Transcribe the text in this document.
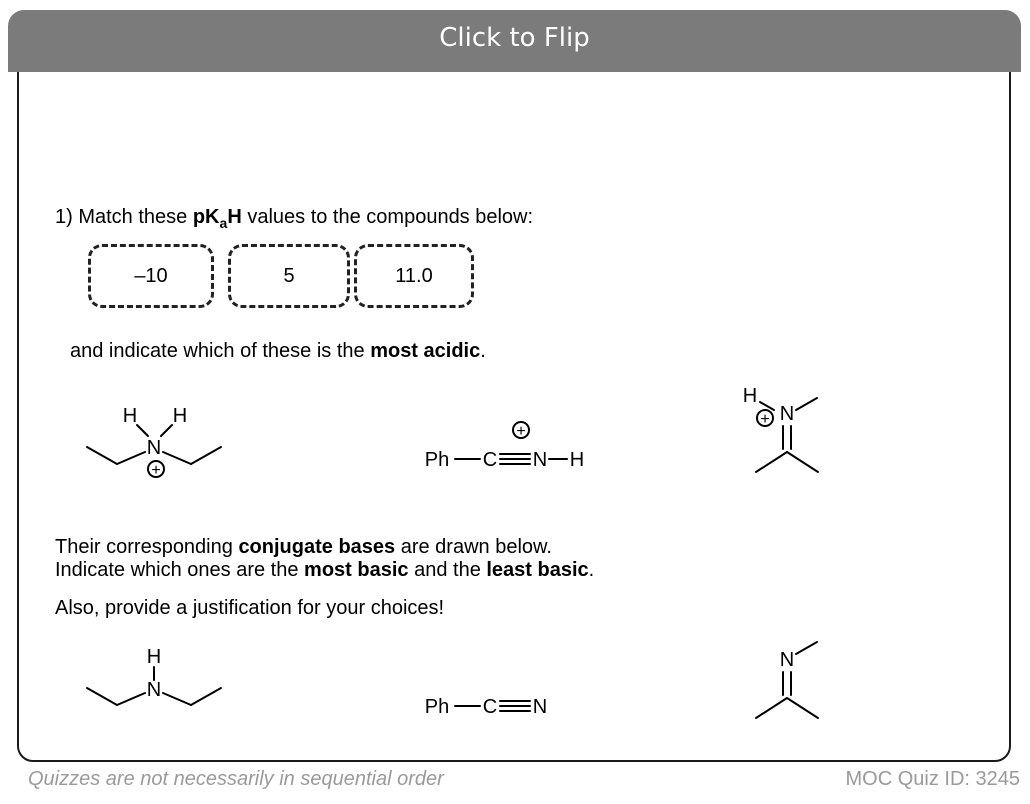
Click to Flip
1) Match these $pK_aH$ values to the compounds below:
–10	5	11.0
and indicate which of these is the most acidic.
Their corresponding conjugate bases are drawn below.
Indicate which ones are the most basic and the least basic.
Also, provide a justification for your choices!
H H
N
+	Ph C N H
+
H
N
+
H
N
Ph C N
N
Quizzes are not necessarily in sequential order	MOC Quiz ID: 3245
